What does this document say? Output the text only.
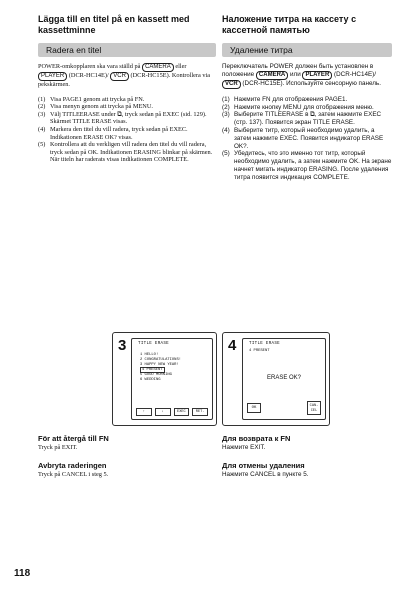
Lägga till en titel på en kassett med kassettminne
Radera en titel
POWER-omkopplaren ska vara ställd på CAMERA eller PLAYER (DCR-HC14E)/ VCR (DCR-HC15E). Kontrollera via pekskärmen.
(1) Visa PAGE1 genom att trycka på FN.
(2) Visa menyn genom att trycka på MENU.
(3) Välj TITLEERASE under ⧉, tryck sedan på EXEC (sid. 129). Skärmet TITLE ERASE visas.
(4) Markera den titel du vill radera, tryck sedan på EXEC. Indikationen ERASE OK? visas.
(5) Kontrollera att du verkligen vill radera den titel du vill radera, tryck sedan på OK. Indikationen ERASING blinkar på skärmen. När titeln har raderats visas indikationen COMPLETE.
Наложение титра на кассету с кассетной памятью
Удаление титра
Переключатель POWER должен быть установлен в положение CAMERA или PLAYER (DCR-HC14E)/ VCR (DCR-HC15E). Используйте сенсорную панель.
(1) Нажмите FN для отображения PAGE1.
(2) Нажмите кнопку MENU для отображения меню.
(3) Выберите TITLEERASE в ⧉, затем нажмите EXEC (стр. 137). Появится экран TITLE ERASE.
(4) Выберите титр, который необходимо удалить, а затем нажмите EXEC. Появится индикатор ERASE OK?.
(5) Убедитесь, что это именно тот титр, который необходимо удалить, а затем нажмите OK. На экране начнет мигать индикатор ERASING. После удаления титра появится индикация COMPLETE.
3	TITLE ERASE
1 HELLO!
2 CONGRATULATIONS!
3 HAPPY NEW YEAR!
4 PRESENT
5 GOOD MORNING
6 WEDDING
↑	↓	EXEC	RET.
4	TITLE ERASE
4 PRESENT
ERASE OK?
OK	CAN-
CEL
För att återgå till FN
Tryck på EXIT.
Avbryta raderingen
Tryck på CANCEL i steg 5.
Для возврата к FN
Нажмите EXIT.
Для отмены удаления
Нажмите CANCEL в пункте 5.
118
